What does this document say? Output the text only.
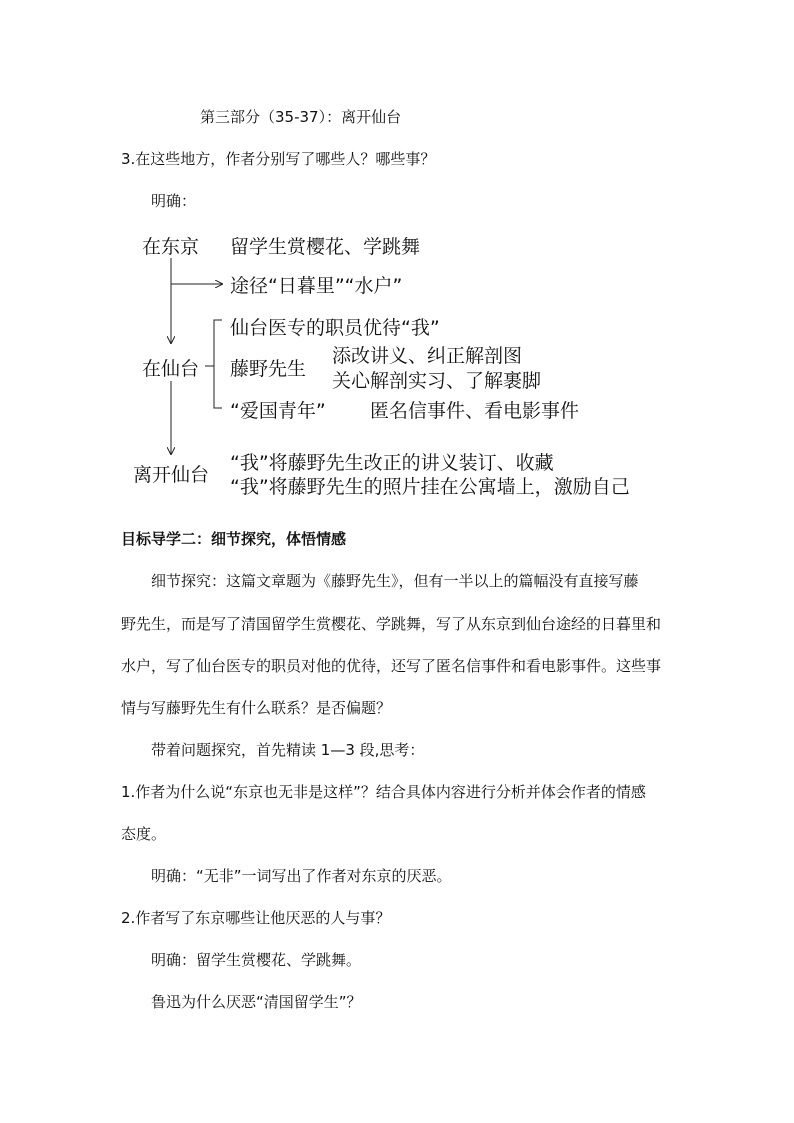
第三部分（35-37）：离开仙台
3.在这些地方，作者分别写了哪些人？哪些事？
明确：
在东京 留学生赏樱花、学跳舞
途径“日暮里”“水户”
仙台医专的职员优待“我”
在仙台 藤野先生
添改讲义、纠正解剖图
关心解剖实习、了解裹脚
“爱国青年” 匿名信事件、看电影事件
“我”将藤野先生改正的讲义装订、收藏
离开仙台
“我”将藤野先生的照片挂在公寓墙上，激励自己
目标导学二：细节探究，体悟情感
细节探究：这篇文章题为《藤野先生》，但有一半以上的篇幅没有直接写藤
野先生，而是写了清国留学生赏樱花、学跳舞，写了从东京到仙台途经的日暮里和
水户，写了仙台医专的职员对他的优待，还写了匿名信事件和看电影事件。这些事
情与写藤野先生有什么联系？是否偏题？
带着问题探究，首先精读 1—3 段,思考：
1.作者为什么说“东京也无非是这样”？结合具体内容进行分析并体会作者的情感
态度。
明确：“无非”一词写出了作者对东京的厌恶。
2.作者写了东京哪些让他厌恶的人与事？
明确：留学生赏樱花、学跳舞。
鲁迅为什么厌恶“清国留学生”？
